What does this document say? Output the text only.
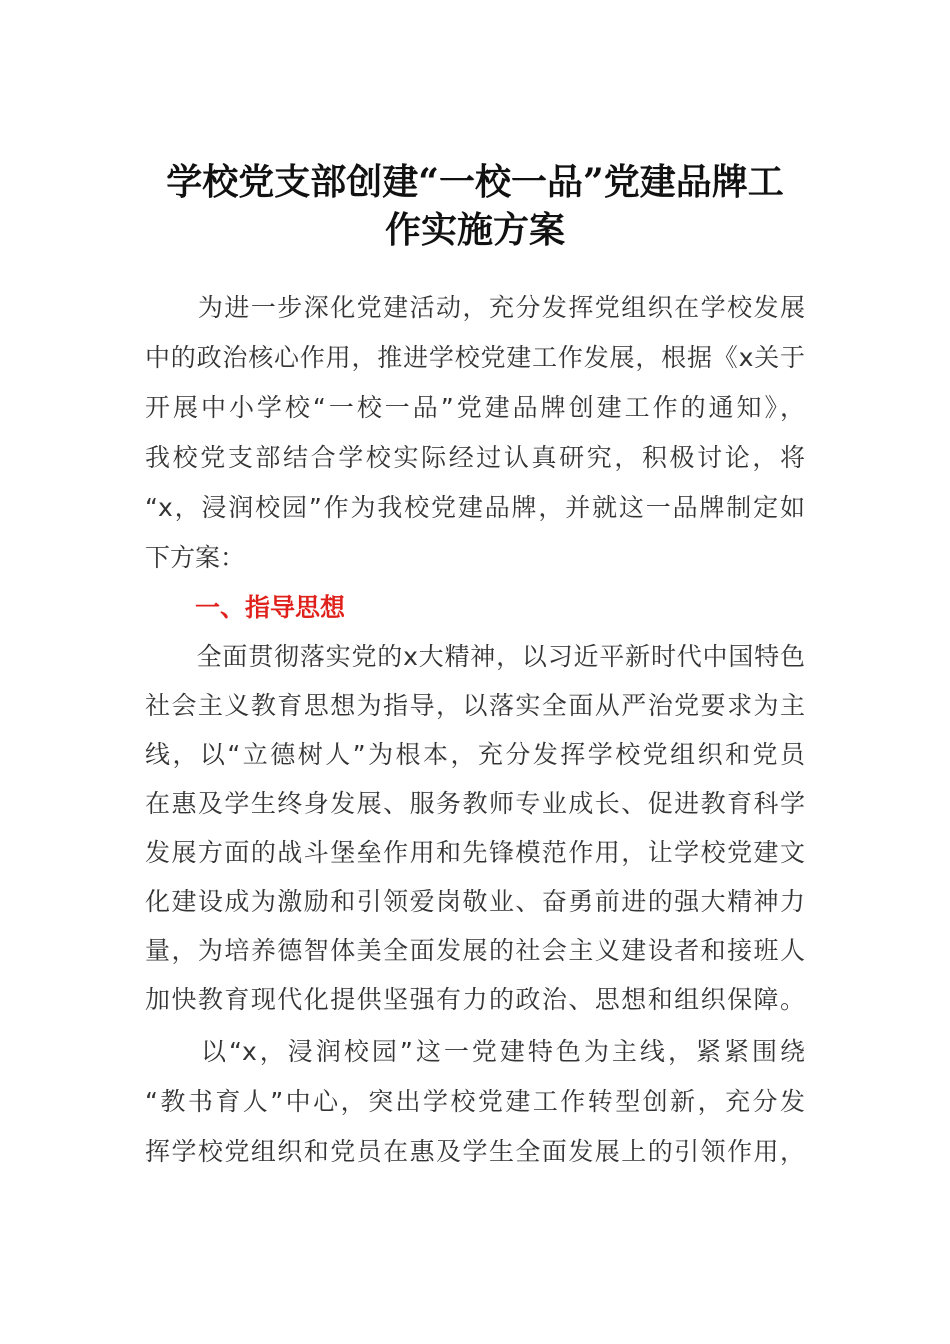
学校党支部创建“一校一品”党建品牌工
作实施方案
　　为进一步深化党建活动，充分发挥党组织在学校发展
中的政治核心作用，推进学校党建工作发展，根据《x关于
开展中小学校“一校一品”党建品牌创建工作的通知》，
我校党支部结合学校实际经过认真研究，积极讨论，将
“x，浸润校园”作为我校党建品牌，并就这一品牌制定如
下方案：
一、指导思想
　　全面贯彻落实党的x大精神，以习近平新时代中国特色
社会主义教育思想为指导，以落实全面从严治党要求为主
线，以“立德树人”为根本，充分发挥学校党组织和党员
在惠及学生终身发展、服务教师专业成长、促进教育科学
发展方面的战斗堡垒作用和先锋模范作用，让学校党建文
化建设成为激励和引领爱岗敬业、奋勇前进的强大精神力
量，为培养德智体美全面发展的社会主义建设者和接班人
加快教育现代化提供坚强有力的政治、思想和组织保障。
　　以“x，浸润校园”这一党建特色为主线，紧紧围绕
“教书育人”中心，突出学校党建工作转型创新，充分发
挥学校党组织和党员在惠及学生全面发展上的引领作用，
